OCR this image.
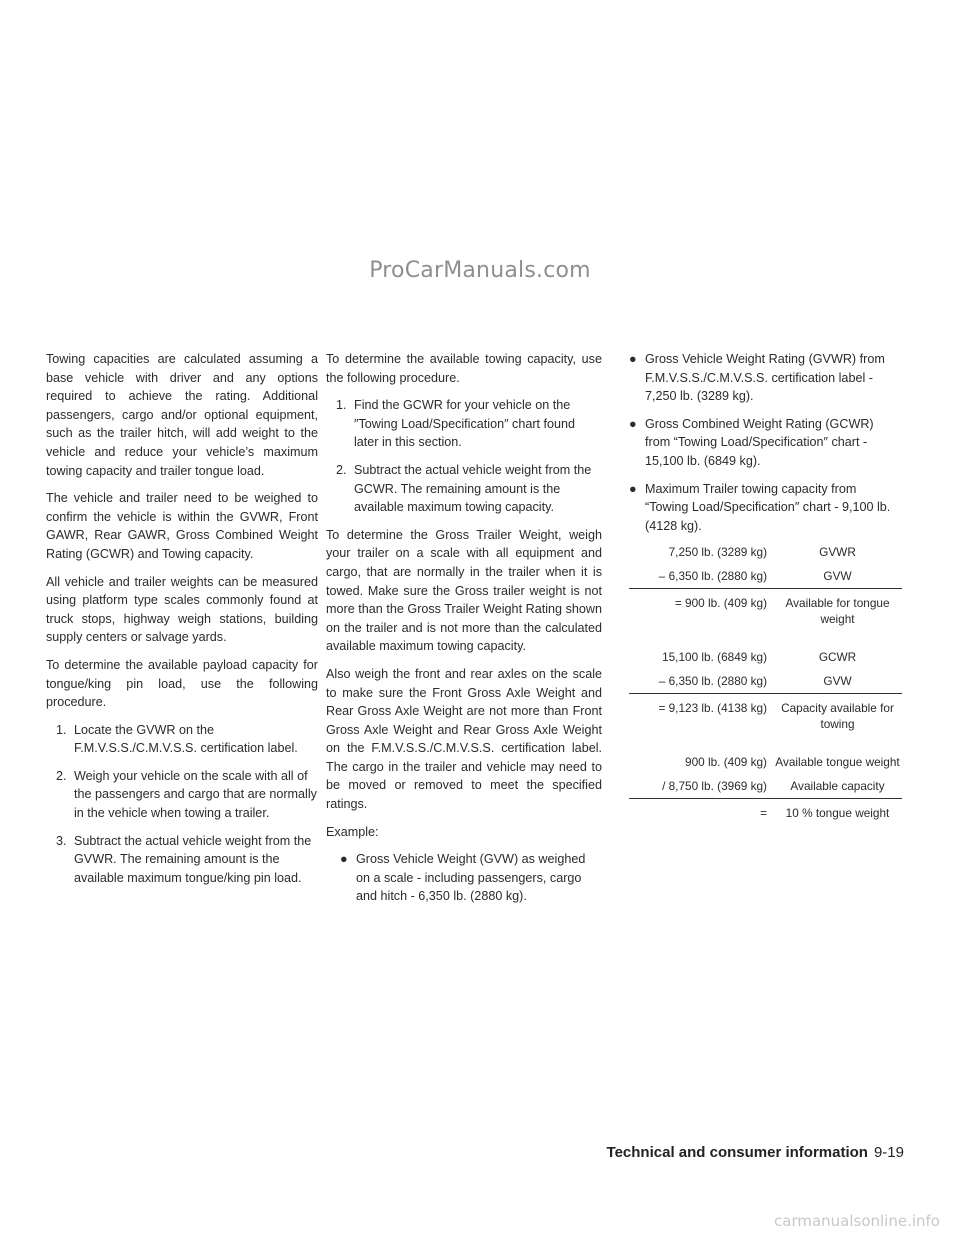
ProCarManuals.com

Towing capacities are calculated assuming a base vehicle with driver and any options required to achieve the rating. Additional passengers, cargo and/or optional equipment, such as the trailer hitch, will add weight to the vehicle and reduce your vehicle’s maximum towing capacity and trailer tongue load.

The vehicle and trailer need to be weighed to confirm the vehicle is within the GVWR, Front GAWR, Rear GAWR, Gross Combined Weight Rating (GCWR) and Towing capacity.

All vehicle and trailer weights can be measured using platform type scales commonly found at truck stops, highway weigh stations, building supply centers or salvage yards.

To determine the available payload capacity for tongue/king pin load, use the following procedure.

1. Locate the GVWR on the F.M.V.S.S./C.M.V.S.S. certification label.
2. Weigh your vehicle on the scale with all of the passengers and cargo that are normally in the vehicle when towing a trailer.
3. Subtract the actual vehicle weight from the GVWR. The remaining amount is the available maximum tongue/king pin load.

To determine the available towing capacity, use the following procedure.

1. Find the GCWR for your vehicle on the ″Towing Load/Specification″ chart found later in this section.
2. Subtract the actual vehicle weight from the GCWR. The remaining amount is the available maximum towing capacity.

To determine the Gross Trailer Weight, weigh your trailer on a scale with all equipment and cargo, that are normally in the trailer when it is towed. Make sure the Gross trailer weight is not more than the Gross Trailer Weight Rating shown on the trailer and is not more than the calculated available maximum towing capacity.

Also weigh the front and rear axles on the scale to make sure the Front Gross Axle Weight and Rear Gross Axle Weight are not more than Front Gross Axle Weight and Rear Gross Axle Weight on the F.M.V.S.S./C.M.V.S.S. certification label. The cargo in the trailer and vehicle may need to be moved or removed to meet the specified ratings.

Example:

● Gross Vehicle Weight (GVW) as weighed on a scale - including passengers, cargo and hitch - 6,350 lb. (2880 kg).
● Gross Vehicle Weight Rating (GVWR) from F.M.V.S.S./C.M.V.S.S. certification label - 7,250 lb. (3289 kg).
● Gross Combined Weight Rating (GCWR) from “Towing Load/Specification″ chart - 15,100 lb. (6849 kg).
● Maximum Trailer towing capacity from “Towing Load/Specification″ chart - 9,100 lb. (4128 kg).
7,250 lb. (3289 kg)	GVWR
– 6,350 lb. (2880 kg)	GVW
= 900 lb. (409 kg)	Available for tongue weight
15,100 lb. (6849 kg)	GCWR
– 6,350 lb. (2880 kg)	GVW
= 9,123 lb. (4138 kg)	Capacity available for towing
900 lb. (409 kg) Available tongue weight
/ 8,750 lb. (3969 kg)	Available capacity
=	10 % tongue weight
Technical and consumer information 9-19
carmanualsonline.info
